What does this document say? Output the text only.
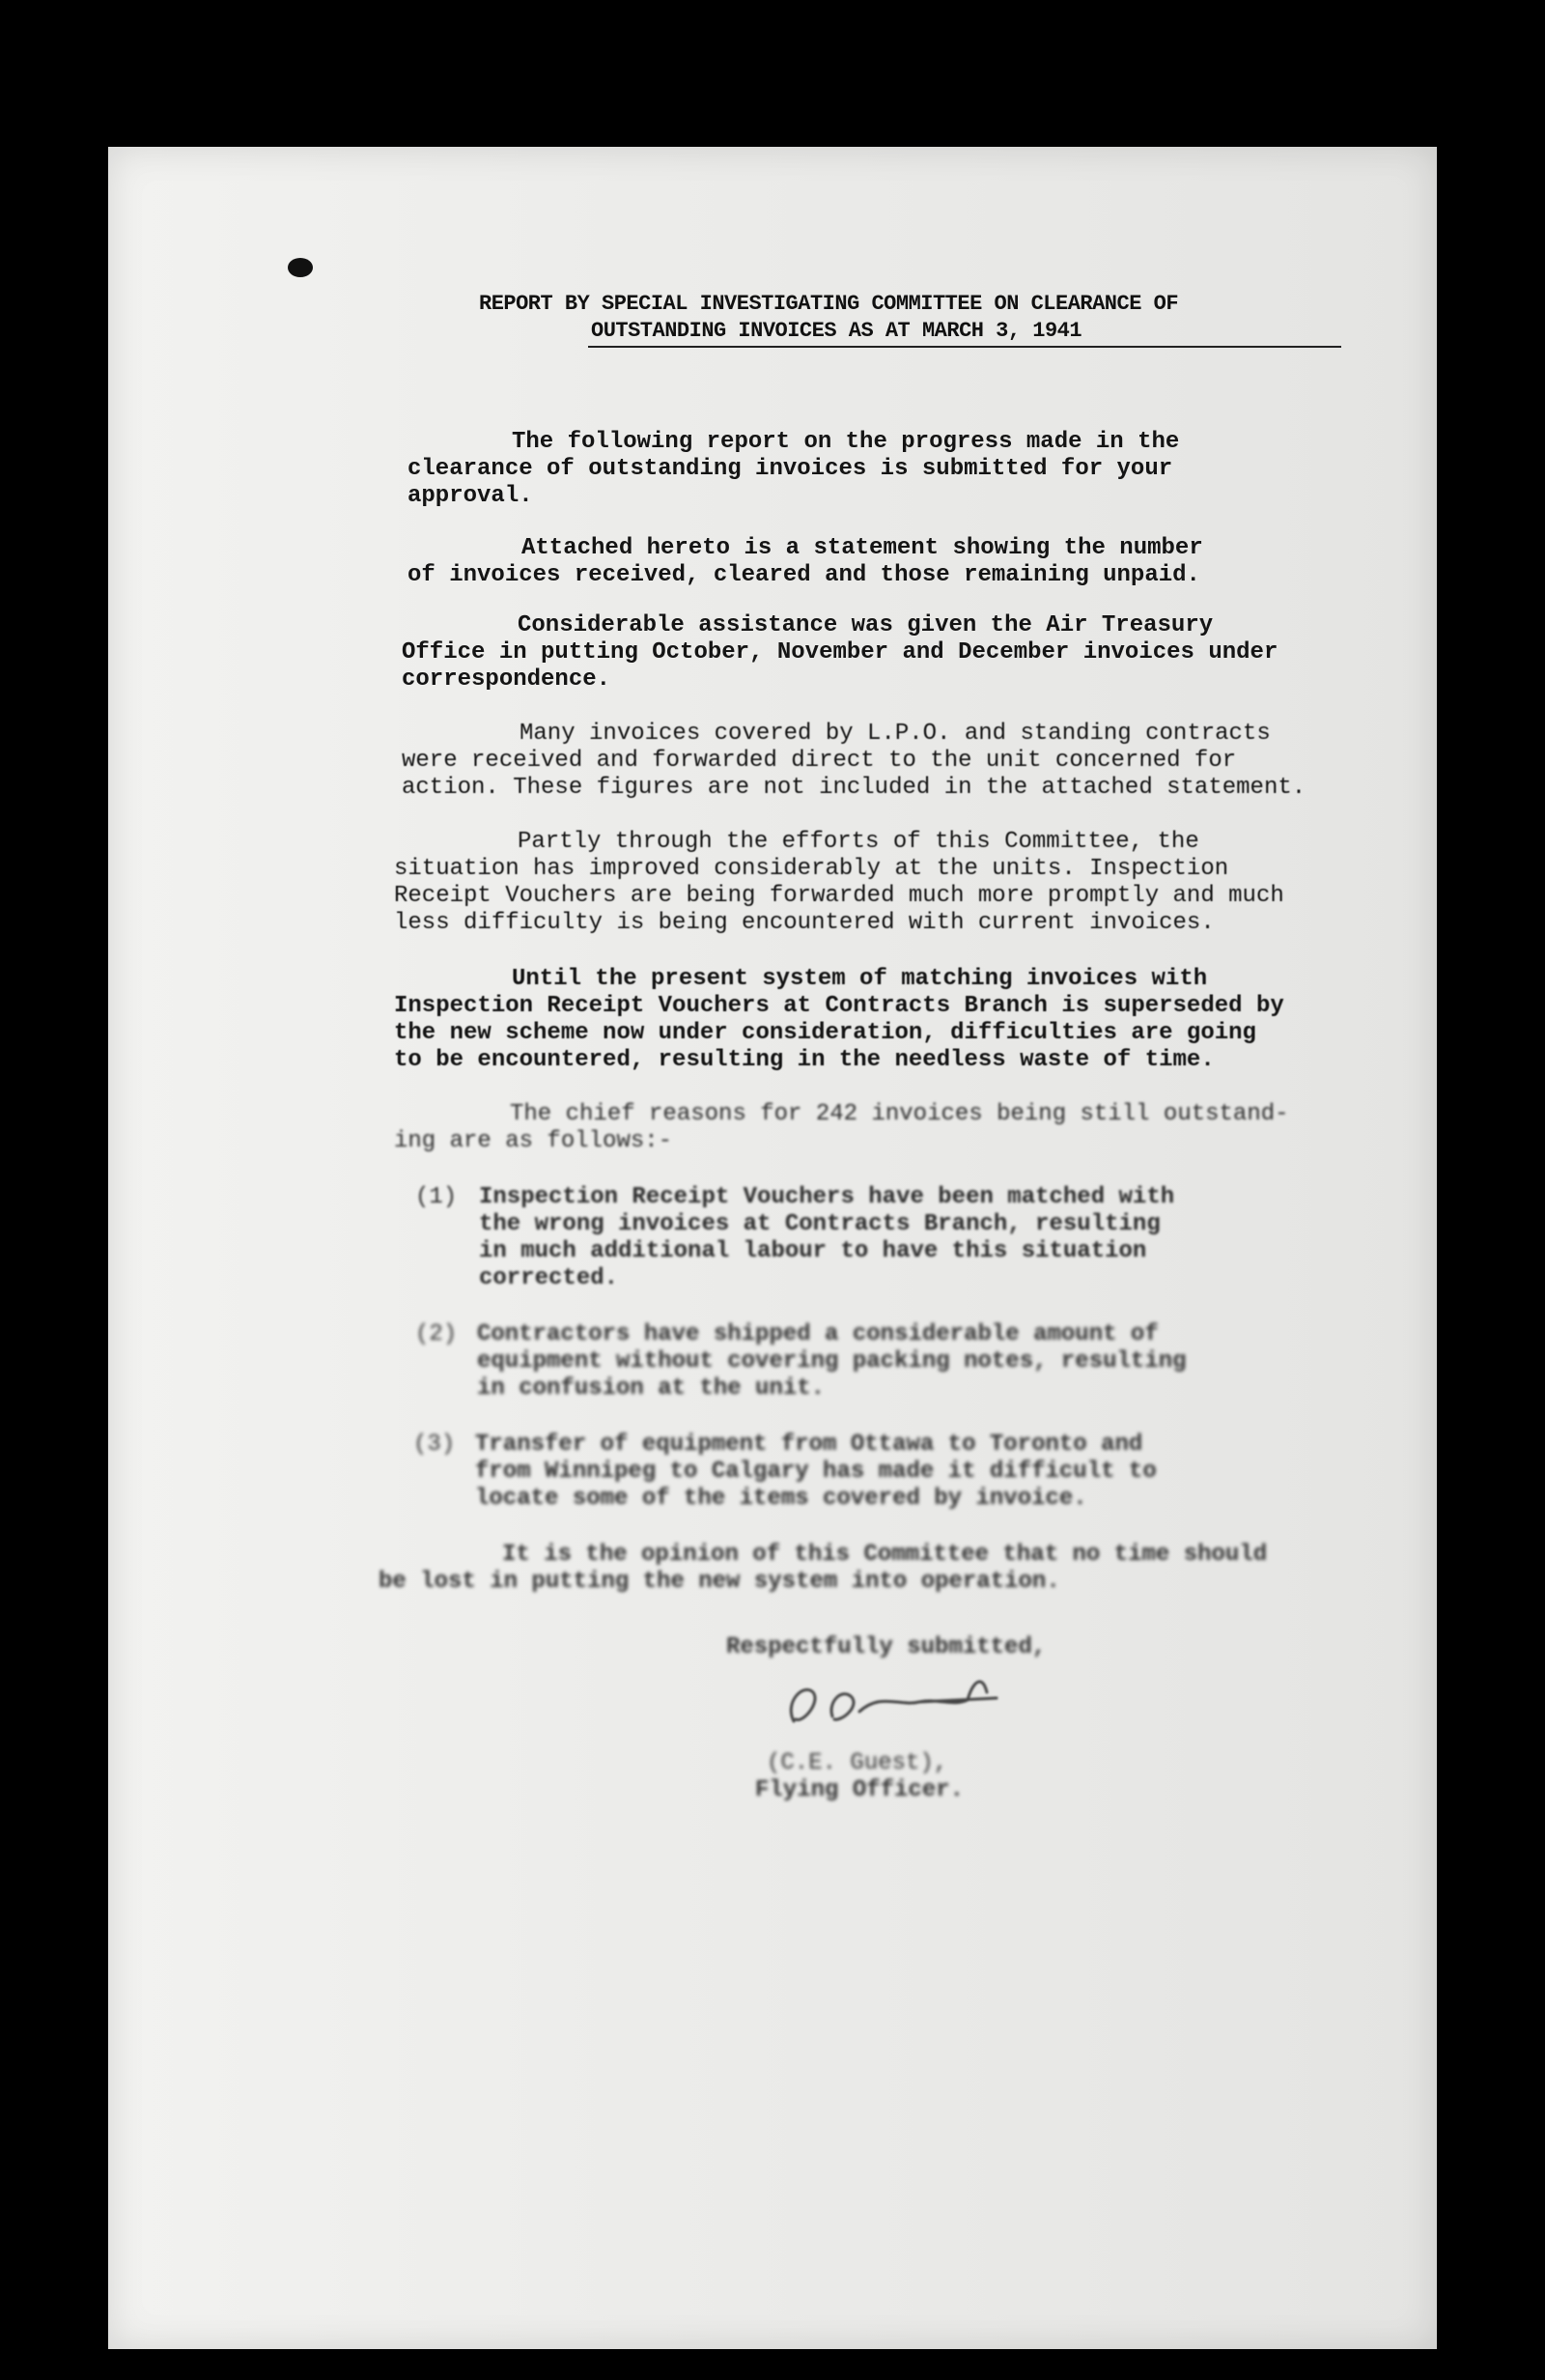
REPORT BY SPECIAL INVESTIGATING COMMITTEE ON CLEARANCE OF
OUTSTANDING INVOICES AS AT MARCH 3, 1941
The following report on the progress made in the
clearance of outstanding invoices is submitted for your
approval.
Attached hereto is a statement showing the number
of invoices received, cleared and those remaining unpaid.
Considerable assistance was given the Air Treasury
Office in putting October, November and December invoices under
correspondence.
Many invoices covered by L.P.O. and standing contracts
were received and forwarded direct to the unit concerned for
action. These figures are not included in the attached statement.
Partly through the efforts of this Committee, the
situation has improved considerably at the units. Inspection
Receipt Vouchers are being forwarded much more promptly and much
less difficulty is being encountered with current invoices.
Until the present system of matching invoices with
Inspection Receipt Vouchers at Contracts Branch is superseded by
the new scheme now under consideration, difficulties are going
to be encountered, resulting in the needless waste of time.
The chief reasons for 242 invoices being still outstand-
ing are as follows:-
(1) Inspection Receipt Vouchers have been matched with
the wrong invoices at Contracts Branch, resulting
in much additional labour to have this situation
corrected.
(2) Contractors have shipped a considerable amount of
equipment without covering packing notes, resulting
in confusion at the unit.
(3) Transfer of equipment from Ottawa to Toronto and
from Winnipeg to Calgary has made it difficult to
locate some of the items covered by invoice.
It is the opinion of this Committee that no time should
be lost in putting the new system into operation.
Respectfully submitted,
(C.E. Guest),
Flying Officer.
